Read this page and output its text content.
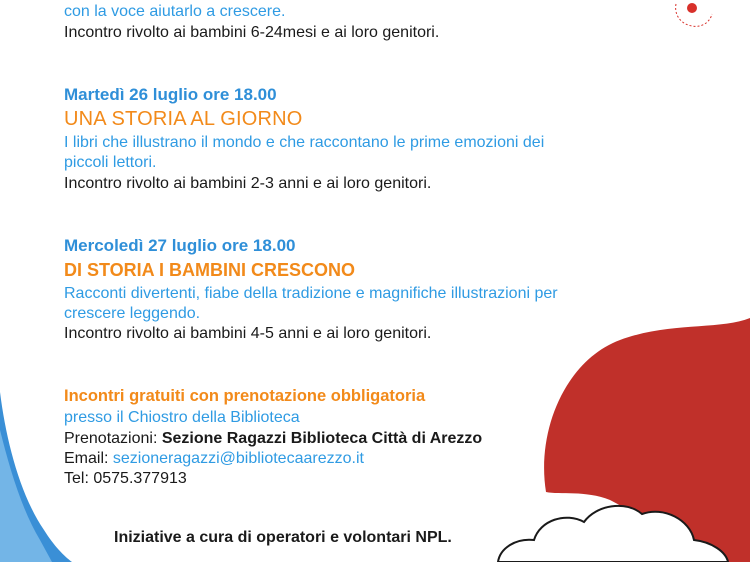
con la voce aiutarlo a crescere.

Incontro rivolto ai bambini 6-24mesi e ai loro genitori.

Martedì 26 luglio ore 18.00

UNA STORIA AL GIORNO

I libri che illustrano il mondo e che raccontano le prime emozioni dei

piccoli lettori.

Incontro rivolto ai bambini 2-3 anni e ai loro genitori.

Mercoledì 27 luglio ore 18.00

DI STORIA I BAMBINI CRESCONO

Racconti divertenti, fiabe della tradizione e magnifiche illustrazioni per

crescere leggendo.

Incontro rivolto ai bambini 4-5 anni e ai loro genitori.

Incontri gratuiti con prenotazione obbligatoria

presso il Chiostro della Biblioteca

Prenotazioni: Sezione Ragazzi Biblioteca Città di Arezzo

Email: sezioneragazzi@bibliotecaarezzo.it

Tel: 0575.377913

Iniziative a cura di operatori e volontari NPL.
